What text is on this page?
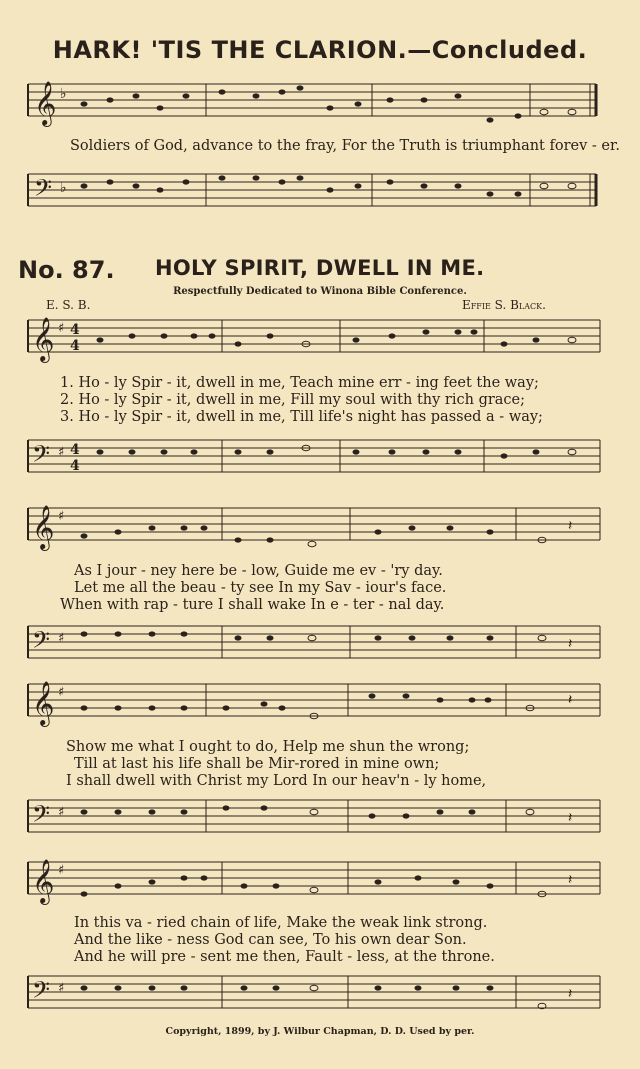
HARK! 'TIS THE CLARION.—Concluded.
𝄞 ♭
Soldiers of God, advance to the fray, For the Truth is triumphant forev - er.
𝄢 ♭
No. 87. HOLY SPIRIT, DWELL IN ME.
Respectfully Dedicated to Winona Bible Conference.
E. S. B.	Effie S. Black.
𝄞 ♯ 4
4
1. Ho - ly Spir - it, dwell in me, Teach mine err - ing feet the way;
2. Ho - ly Spir - it, dwell in me, Fill my soul with thy rich grace;
3. Ho - ly Spir - it, dwell in me, Till life's night has passed a - way;
𝄢 ♯ 4
4
𝄞 ♯
𝄽
As I jour - ney here be - low, Guide me ev - 'ry day.
Let me all the beau - ty see In my Sav - iour's face.
When with rap - ture I shall wake In e - ter - nal day.
𝄢 ♯	𝄽
𝄞 ♯	𝄽
Show me what I ought to do, Help me shun the wrong;
Till at last his life shall be Mir-rored in mine own;
I shall dwell with Christ my Lord In our heav'n - ly home,
𝄢 ♯	𝄽
𝄞 ♯
𝄽
In this va - ried chain of life, Make the weak link strong.
And the like - ness God can see, To his own dear Son.
And he will pre - sent me then, Fault - less, at the throne.
𝄢 ♯	𝄽
Copyright, 1899, by J. Wilbur Chapman, D. D. Used by per.
